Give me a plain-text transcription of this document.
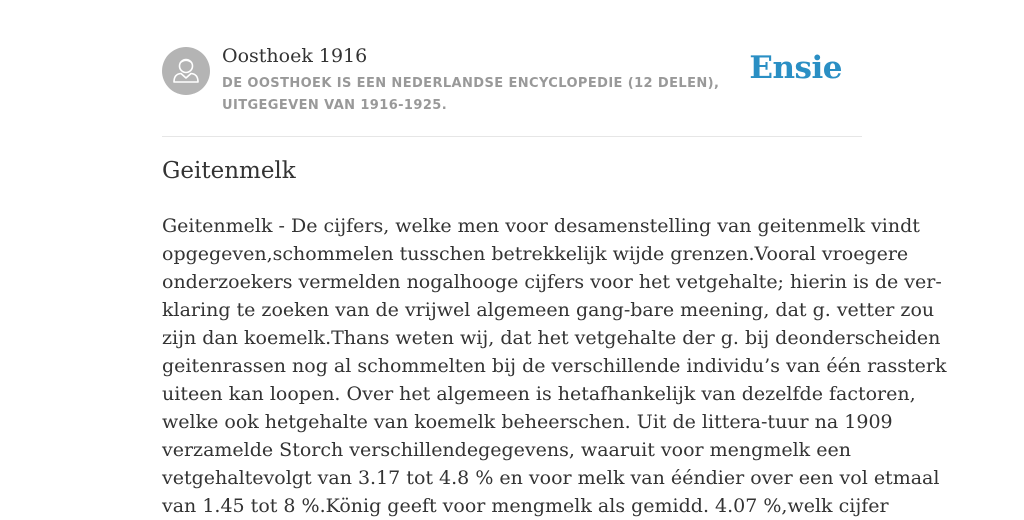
Oosthoek 1916
DE OOSTHOEK IS EEN NEDERLANDSE ENCYCLOPEDIE (12 DELEN), UITGEGEVEN VAN 1916-1925.
Ensie
Geitenmelk

Geitenmelk - De cijfers, welke men voor desamenstelling van geitenmelk vindt
opgegeven,schommelen tusschen betrekkelijk wijde grenzen.Vooral vroegere
onderzoekers vermelden nogalhooge cijfers voor het vetgehalte; hierin is de ver-
klaring te zoeken van de vrijwel algemeen gang-bare meening, dat g. vetter zou
zijn dan koemelk.Thans weten wij, dat het vetgehalte der g. bij deonderscheiden
geitenrassen nog al schommelten bij de verschillende individu’s van één rassterk
uiteen kan loopen. Over het algemeen is hetafhankelijk van dezelfde factoren,
welke ook hetgehalte van koemelk beheerschen. Uit de littera-tuur na 1909
verzamelde Storch verschillendegegevens, waaruit voor mengmelk een
vetgehaltevolgt van 3.17 tot 4.8 % en voor melk van ééndier over een vol etmaal
van 1.45 tot 8 %.König geeft voor mengmelk als gemidd. 4.07 %,welk cijfer
